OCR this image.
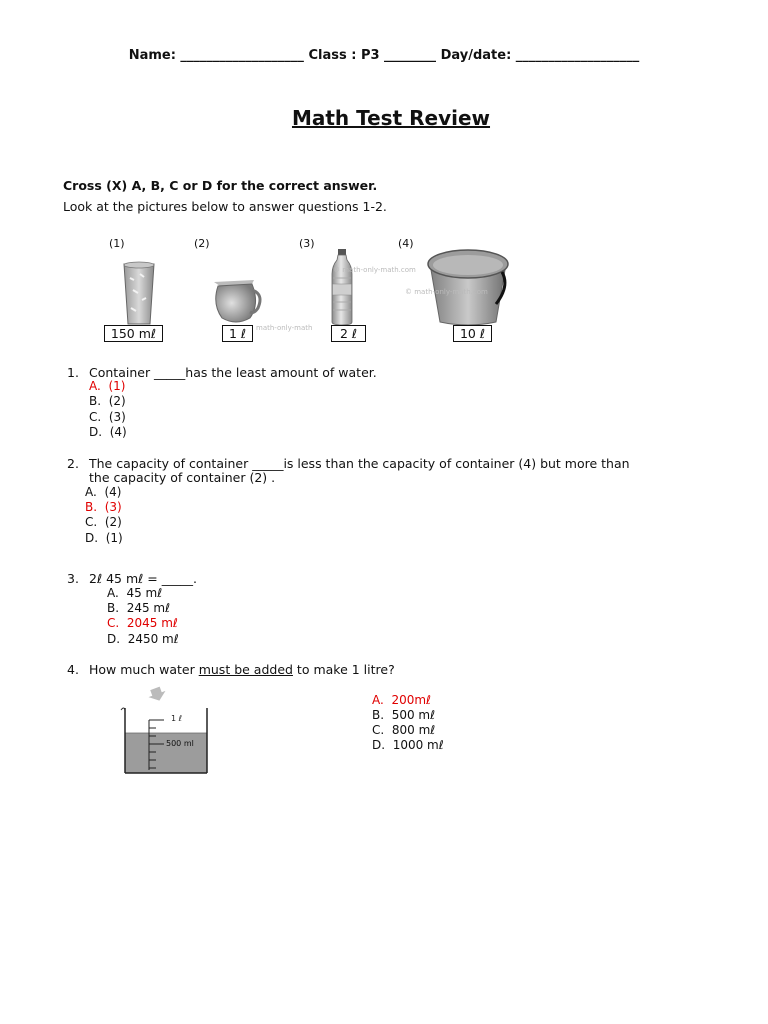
Name: ___________________ Class : P3 ________ Day/date: ___________________
Math Test Review
Cross (X) A, B, C or D for the correct answer.
Look at the pictures below to answer questions 1-2.
(1)	(2)	(3)	(4)
© math-only-math.com
© math-only-math.com
math-only-math
150 mℓ	1 ℓ	2 ℓ	10 ℓ
1. Container _____has the least amount of water.
A. (1)
B. (2)
C. (3)
D. (4)
2. The capacity of container _____is less than the capacity of container (4) but more than
the capacity of container (2) .
A. (4)
B. (3)
C. (2)
D. (1)
3. 2ℓ 45 mℓ = _____.
A. 45 mℓ
B. 245 mℓ
C. 2045 mℓ
D. 2450 mℓ
4. How much water must be added to make 1 litre?
1 ℓ
500 ml
A. 200mℓ
B. 500 mℓ
C. 800 mℓ
D. 1000 mℓ
